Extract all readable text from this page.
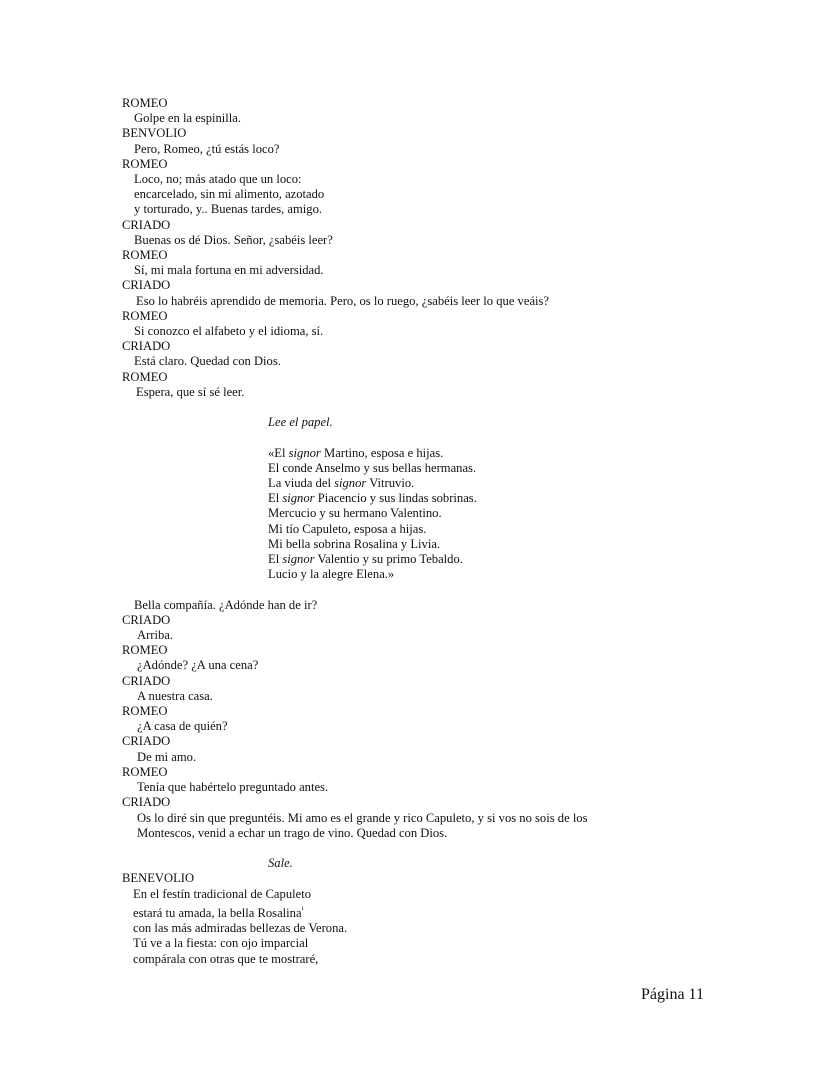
ROMEO
Golpe en la espinilla.
BENVOLIO
Pero, Romeo, ¿tú estás loco?
ROMEO
Loco, no; más atado que un loco:
encarcelado, sin mi alimento, azotado
y torturado, y.. Buenas tardes, amigo.
CRIADO
Buenas os dé Dios. Señor, ¿sabéis leer?
ROMEO
Sí, mi mala fortuna en mi adversidad.
CRIADO
Eso lo habréis aprendido de memoria. Pero, os lo ruego, ¿sabéis leer lo que veáis?
ROMEO
Si conozco el alfabeto y el idioma, sí.
CRIADO
Está claro. Quedad con Dios.
ROMEO
Espera, que sí sé leer.
Lee el papel.
«El signor Martino, esposa e hijas.
El conde Anselmo y sus bellas hermanas.
La viuda del signor Vitruvio.
El signor Piacencio y sus lindas sobrinas.
Mercucio y su hermano Valentino.
Mi tío Capuleto, esposa a hijas.
Mi bella sobrina Rosalina y Livia.
El signor Valentio y su primo Tebaldo.
Lucio y la alegre Elena.»
Bella compañía. ¿Adónde han de ir?
CRIADO
Arriba.
ROMEO
¿Adónde? ¿A una cena?
CRIADO
A nuestra casa.
ROMEO
¿A casa de quién?
CRIADO
De mi amo.
ROMEO
Tenía que habértelo preguntado antes.
CRIADO
Os lo diré sin que preguntéis. Mi amo es el grande y rico Capuleto, y si vos no sois de los
Montescos, venid a echar un trago de vino. Quedad con Dios.
Sale.
BENEVOLIO
En el festín tradicional de Capuleto
estará tu amada, la bella Rosalina$^{^1}$
con las más admiradas bellezas de Verona.
Tú ve a la fiesta: con ojo imparcial
compárala con otras que te mostraré,
Página 11
